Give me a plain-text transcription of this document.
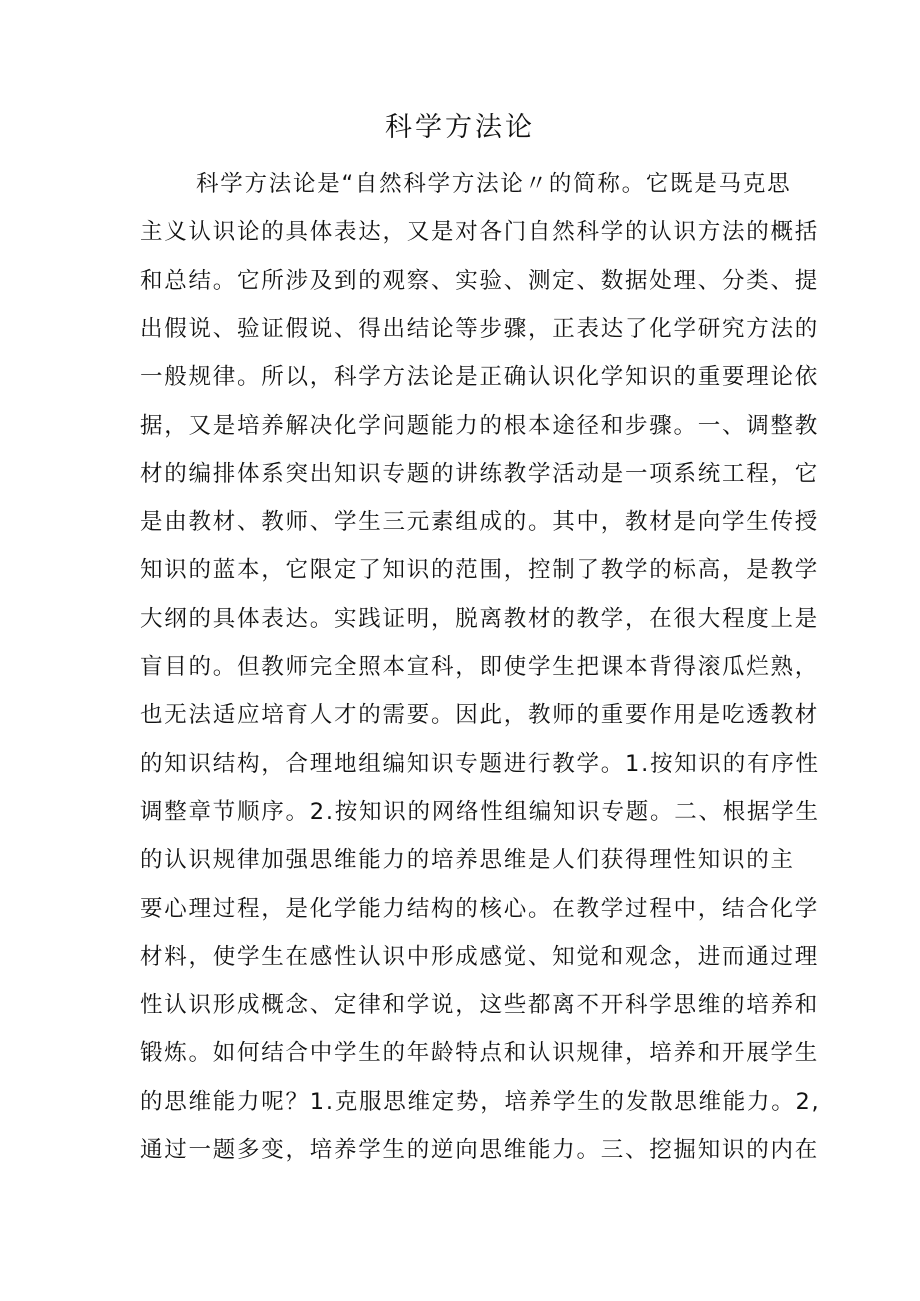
科学方法论
科学方法论是“自然科学方法论〃的简称。它既是马克思
主义认识论的具体表达，又是对各门自然科学的认识方法的概括
和总结。它所涉及到的观察、实验、测定、数据处理、分类、提
出假说、验证假说、得出结论等步骤，正表达了化学研究方法的
一般规律。所以，科学方法论是正确认识化学知识的重要理论依
据，又是培养解决化学问题能力的根本途径和步骤。一、调整教
材的编排体系突出知识专题的讲练教学活动是一项系统工程，它
是由教材、教师、学生三元素组成的。其中，教材是向学生传授
知识的蓝本，它限定了知识的范围，控制了教学的标高，是教学
大纲的具体表达。实践证明，脱离教材的教学，在很大程度上是
盲目的。但教师完全照本宣科，即使学生把课本背得滚瓜烂熟，
也无法适应培育人才的需要。因此，教师的重要作用是吃透教材
的知识结构，合理地组编知识专题进行教学。1.按知识的有序性
调整章节顺序。2.按知识的网络性组编知识专题。二、根据学生
的认识规律加强思维能力的培养思维是人们获得理性知识的主
要心理过程，是化学能力结构的核心。在教学过程中，结合化学
材料，使学生在感性认识中形成感觉、知觉和观念，进而通过理
性认识形成概念、定律和学说，这些都离不开科学思维的培养和
锻炼。如何结合中学生的年龄特点和认识规律，培养和开展学生
的思维能力呢？1.克服思维定势，培养学生的发散思维能力。2,
通过一题多变，培养学生的逆向思维能力。三、挖掘知识的内在
